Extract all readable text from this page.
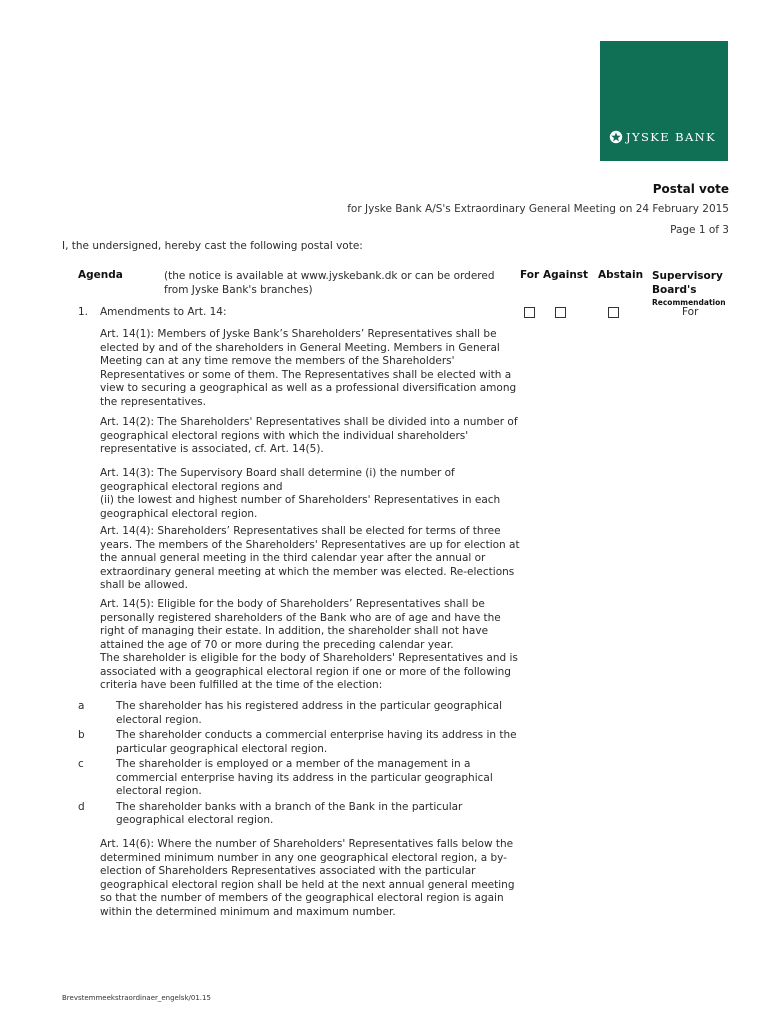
JYSKE BANK
Postal vote
for Jyske Bank A/S's Extraordinary General Meeting on 24 February 2015
Page 1 of 3
I, the undersigned, hereby cast the following postal vote:
Agenda	(the notice is available at www.jyskebank.dk or can be ordered from Jyske Bank's branches)
For Against Abstain Supervisory
Board's
Recommendation
1. Amendments to Art. 14:	For

Art. 14(1): Members of Jyske Bank’s Shareholders’ Representatives shall be elected by and of the shareholders in General Meeting. Members in General Meeting can at any time remove the members of the Shareholders' Representatives or some of them. The Representatives shall be elected with a view to securing a geographical as well as a professional diversification among the representatives.

Art. 14(2): The Shareholders' Representatives shall be divided into a number of geographical electoral regions with which the individual shareholders' representative is associated, cf. Art. 14(5).

Art. 14(3): The Supervisory Board shall determine (i) the number of geographical electoral regions and

(ii) the lowest and highest number of Shareholders' Representatives in each geographical electoral region.

Art. 14(4): Shareholders’ Representatives shall be elected for terms of three years. The members of the Shareholders' Representatives are up for election at the annual general meeting in the third calendar year after the annual or extraordinary general meeting at which the member was elected. Re-elections shall be allowed.

Art. 14(5): Eligible for the body of Shareholders’ Representatives shall be personally registered shareholders of the Bank who are of age and have the right of managing their estate. In addition, the shareholder shall not have attained the age of 70 or more during the preceding calendar year.

The shareholder is eligible for the body of Shareholders' Representatives and is associated with a geographical electoral region if one or more of the following criteria have been fulfilled at the time of the election:

a	The shareholder has his registered address in the particular geographical electoral region.
b	The shareholder conducts a commercial enterprise having its address in the particular geographical electoral region.
c	The shareholder is employed or a member of the management in a commercial enterprise having its address in the particular geographical electoral region.
d	The shareholder banks with a branch of the Bank in the particular geographical electoral region.

Art. 14(6): Where the number of Shareholders' Representatives falls below the determined minimum number in any one geographical electoral region, a by-election of Shareholders Representatives associated with the particular geographical electoral region shall be held at the next annual general meeting so that the number of members of the geographical electoral region is again within the determined minimum and maximum number.

Brevstemmeekstraordinaer_engelsk/01.15
